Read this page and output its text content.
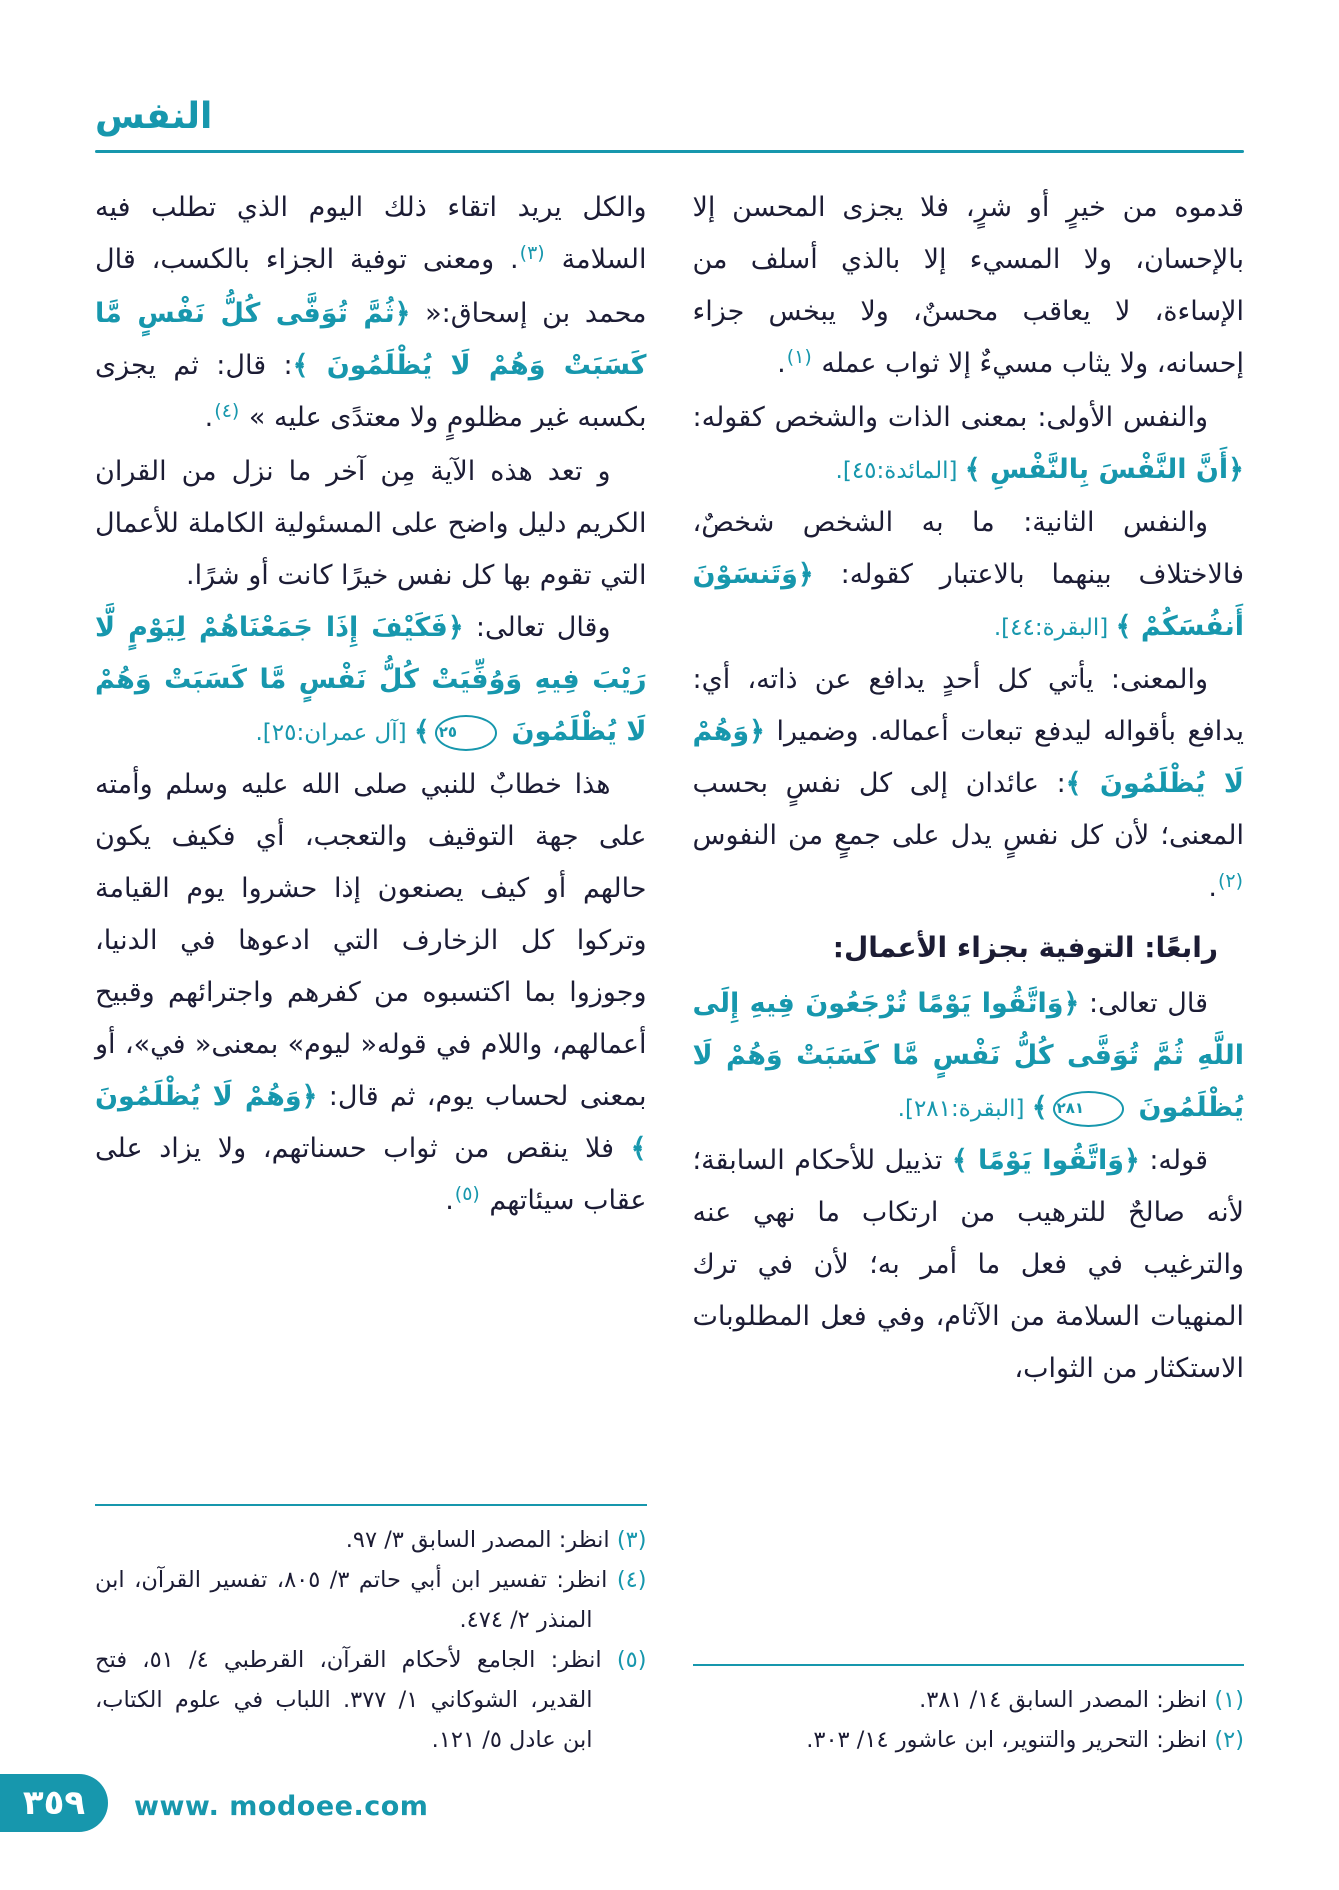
النفس
قدموه من خيرٍ أو شرٍ، فلا يجزى المحسن إلا بالإحسان، ولا المسيء إلا بالذي أسلف من الإساءة، لا يعاقب محسنٌ، ولا يبخس جزاء إحسانه، ولا يثاب مسيءٌ إلا ثواب عمله $^{(١)}$.
والنفس الأولى: بمعنى الذات والشخص كقوله: ﴿أَنَّ النَّفْسَ بِالنَّفْسِ ﴾ [المائدة:٤٥].
والنفس الثانية: ما به الشخص شخصٌ، فالاختلاف بينهما بالاعتبار كقوله: ﴿وَتَنسَوْنَ أَنفُسَكُمْ ﴾ [البقرة:٤٤].
والمعنى: يأتي كل أحدٍ يدافع عن ذاته، أي: يدافع بأقواله ليدفع تبعات أعماله. وضميرا ﴿وَهُمْ لَا يُظْلَمُونَ ﴾: عائدان إلى كل نفسٍ بحسب المعنى؛ لأن كل نفسٍ يدل على جمعٍ من النفوس $^{(٢)}$.
رابعًا: التوفية بجزاء الأعمال:
قال تعالى: ﴿وَاتَّقُوا يَوْمًا تُرْجَعُونَ فِيهِ إِلَى اللَّهِ ثُمَّ تُوَفَّى كُلُّ نَفْسٍ مَّا كَسَبَتْ وَهُمْ لَا يُظْلَمُونَ ٢٨١﴾ [البقرة:٢٨١].
قوله: ﴿وَاتَّقُوا يَوْمًا ﴾ تذييل للأحكام السابقة؛ لأنه صالحٌ للترهيب من ارتكاب ما نهي عنه والترغيب في فعل ما أمر به؛ لأن في ترك المنهيات السلامة من الآثام، وفي فعل المطلوبات الاستكثار من الثواب،
(١) انظر: المصدر السابق ١٤/ ٣٨١.
(٢) انظر: التحرير والتنوير، ابن عاشور ١٤/ ٣٠٣.
والكل يريد اتقاء ذلك اليوم الذي تطلب فيه السلامة $^{(٣)}$. ومعنى توفية الجزاء بالكسب، قال محمد بن إسحاق:« ﴿ثُمَّ تُوَفَّى كُلُّ نَفْسٍ مَّا كَسَبَتْ وَهُمْ لَا يُظْلَمُونَ ﴾: قال: ثم يجزى بكسبه غير مظلومٍ ولا معتدًى عليه » $^{(٤)}$.
و تعد هذه الآية مِن آخر ما نزل من القران الكريم دليل واضح على المسئولية الكاملة للأعمال التي تقوم بها كل نفس خيرًا كانت أو شرًا.
وقال تعالى: ﴿فَكَيْفَ إِذَا جَمَعْنَاهُمْ لِيَوْمٍ لَّا رَيْبَ فِيهِ وَوُفِّيَتْ كُلُّ نَفْسٍ مَّا كَسَبَتْ وَهُمْ لَا يُظْلَمُونَ ٢٥﴾ [آل عمران:٢٥].
هذا خطابٌ للنبي صلى الله عليه وسلم وأمته على جهة التوقيف والتعجب، أي فكيف يكون حالهم أو كيف يصنعون إذا حشروا يوم القيامة وتركوا كل الزخارف التي ادعوها في الدنيا، وجوزوا بما اكتسبوه من كفرهم واجترائهم وقبيح أعمالهم، واللام في قوله« ليوم» بمعنى« في»، أو بمعنى لحساب يوم، ثم قال: ﴿وَهُمْ لَا يُظْلَمُونَ ﴾ فلا ينقص من ثواب حسناتهم، ولا يزاد على عقاب سيئاتهم $^{(٥)}$.
(٣) انظر: المصدر السابق ٣/ ٩٧.
(٤) انظر: تفسير ابن أبي حاتم ٣/ ٨٠٥، تفسير القرآن، ابن المنذر ٢/ ٤٧٤.
(٥) انظر: الجامع لأحكام القرآن، القرطبي ٤/ ٥١، فتح القدير، الشوكاني ١/ ٣٧٧. اللباب في علوم الكتاب، ابن عادل ٥/ ١٢١.
٣٥٩ www. modoee.com
